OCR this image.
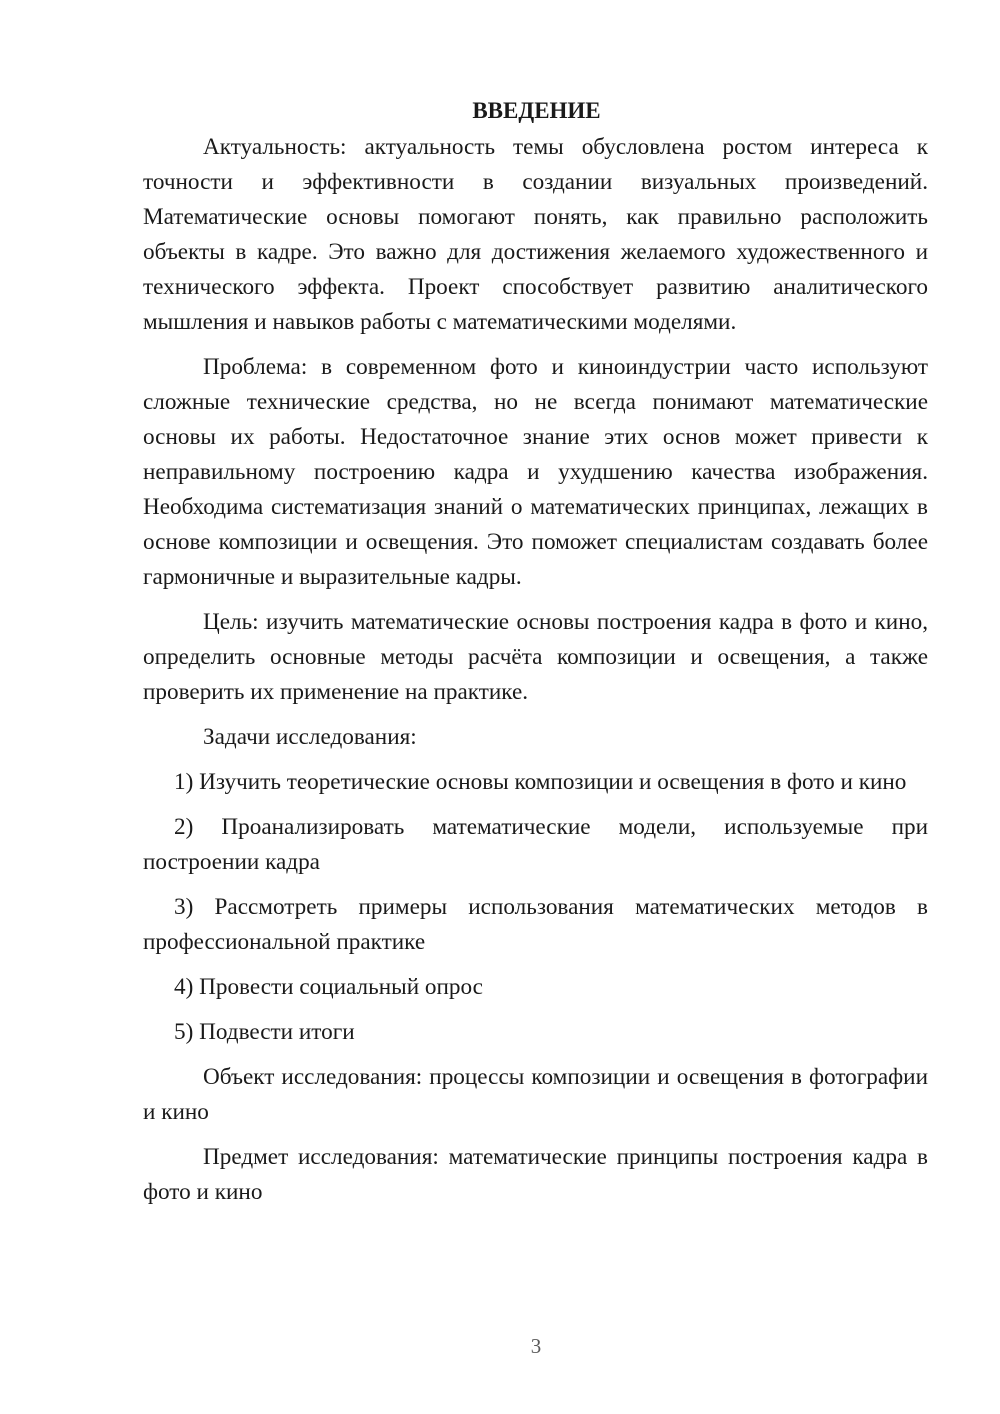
ВВЕДЕНИЕ

Актуальность: актуальность темы обусловлена ростом интереса к точности и эффективности в создании визуальных произведений. Математические основы помогают понять, как правильно расположить объекты в кадре. Это важно для достижения желаемого художественного и технического эффекта. Проект способствует развитию аналитического мышления и навыков работы с математическими моделями.

Проблема: в современном фото и киноиндустрии часто используют сложные технические средства, но не всегда понимают математические основы их работы. Недостаточное знание этих основ может привести к неправильному построению кадра и ухудшению качества изображения. Необходима систематизация знаний о математических принципах, лежащих в основе композиции и освещения. Это поможет специалистам создавать более гармоничные и выразительные кадры.

Цель: изучить математические основы построения кадра в фото и кино, определить основные методы расчёта композиции и освещения, а также проверить их применение на практике.

Задачи исследования:

1) Изучить теоретические основы композиции и освещения в фото и кино

2) Проанализировать математические модели, используемые при построении кадра

3) Рассмотреть примеры использования математических методов в профессиональной практике

4) Провести социальный опрос

5) Подвести итоги

Объект исследования: процессы композиции и освещения в фотографии и кино

Предмет исследования: математические принципы построения кадра в фото и кино

3
